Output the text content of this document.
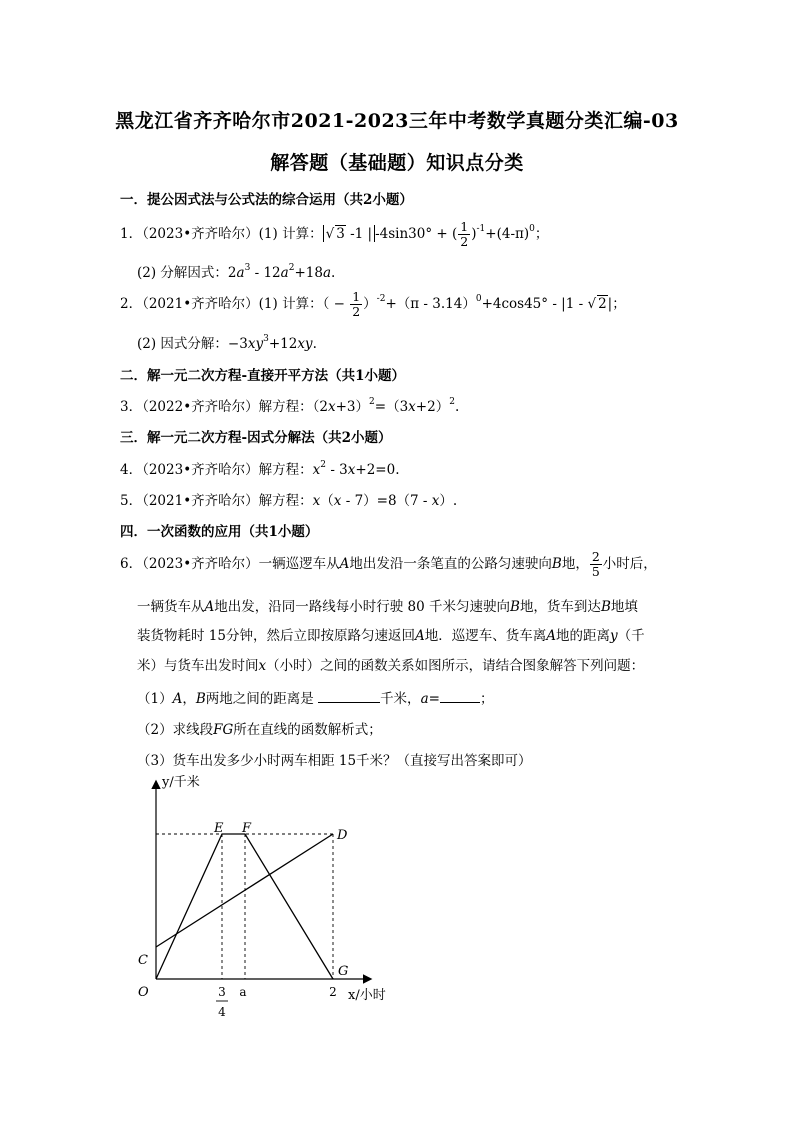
黑龙江省齐齐哈尔市2021-2023三年中考数学真题分类汇编-03
解答题（基础题）知识点分类
一．提公因式法与公式法的综合运用（共2小题）
1．（2023•齐齐哈尔）(1) 计算： √ 3 -1 | -4sin30° + ( $\frac{1}{2} )^{-1}+(4-\pi)^0$；
(2) 分解因式：$2a^3 - 12a^2+18a$.
2．（2021•齐齐哈尔）(1) 计算：（ − $\frac{1}{2} )^{-2}+(\pi - 3.14)^0+4\cos 45^\circ - |1$ - √ 2|；
(2) 因式分解：$-3xy^3+12xy$.
二．解一元二次方程-直接开平方法（共1小题）
3．（2022•齐齐哈尔）解方程：$(2x+3)^2=(3x+2)^2$.
三．解一元二次方程-因式分解法（共2小题）
4．（2023•齐齐哈尔）解方程：$x^2 - 3x+2=0$.
5．（2021•齐齐哈尔）解方程：x（x - 7）=8（7 - x）.
四．一次函数的应用（共1小题）
6．（2023•齐齐哈尔）一辆巡逻车从A地出发沿一条笔直的公路匀速驶向B地， $\frac{2}{5}$ 小时后，
一辆货车从A地出发，沿同一路线每小时行驶 80 千米匀速驶向B地，货车到达B地填
装货物耗时 15分钟，然后立即按原路匀速返回A地．巡逻车、货车离A地的距离y（千
米）与货车出发时间x（小时）之间的函数关系如图所示，请结合图象解答下列问题：
（1）A，B两地之间的距离是	千米，a=	；
（2）求线段FG所在直线的函数解析式；
（3）货车出发多少小时两车相距 15千米？（直接写出答案即可）
y/千米
x/小时
O
C
E F	D
G
3
4
a	2
